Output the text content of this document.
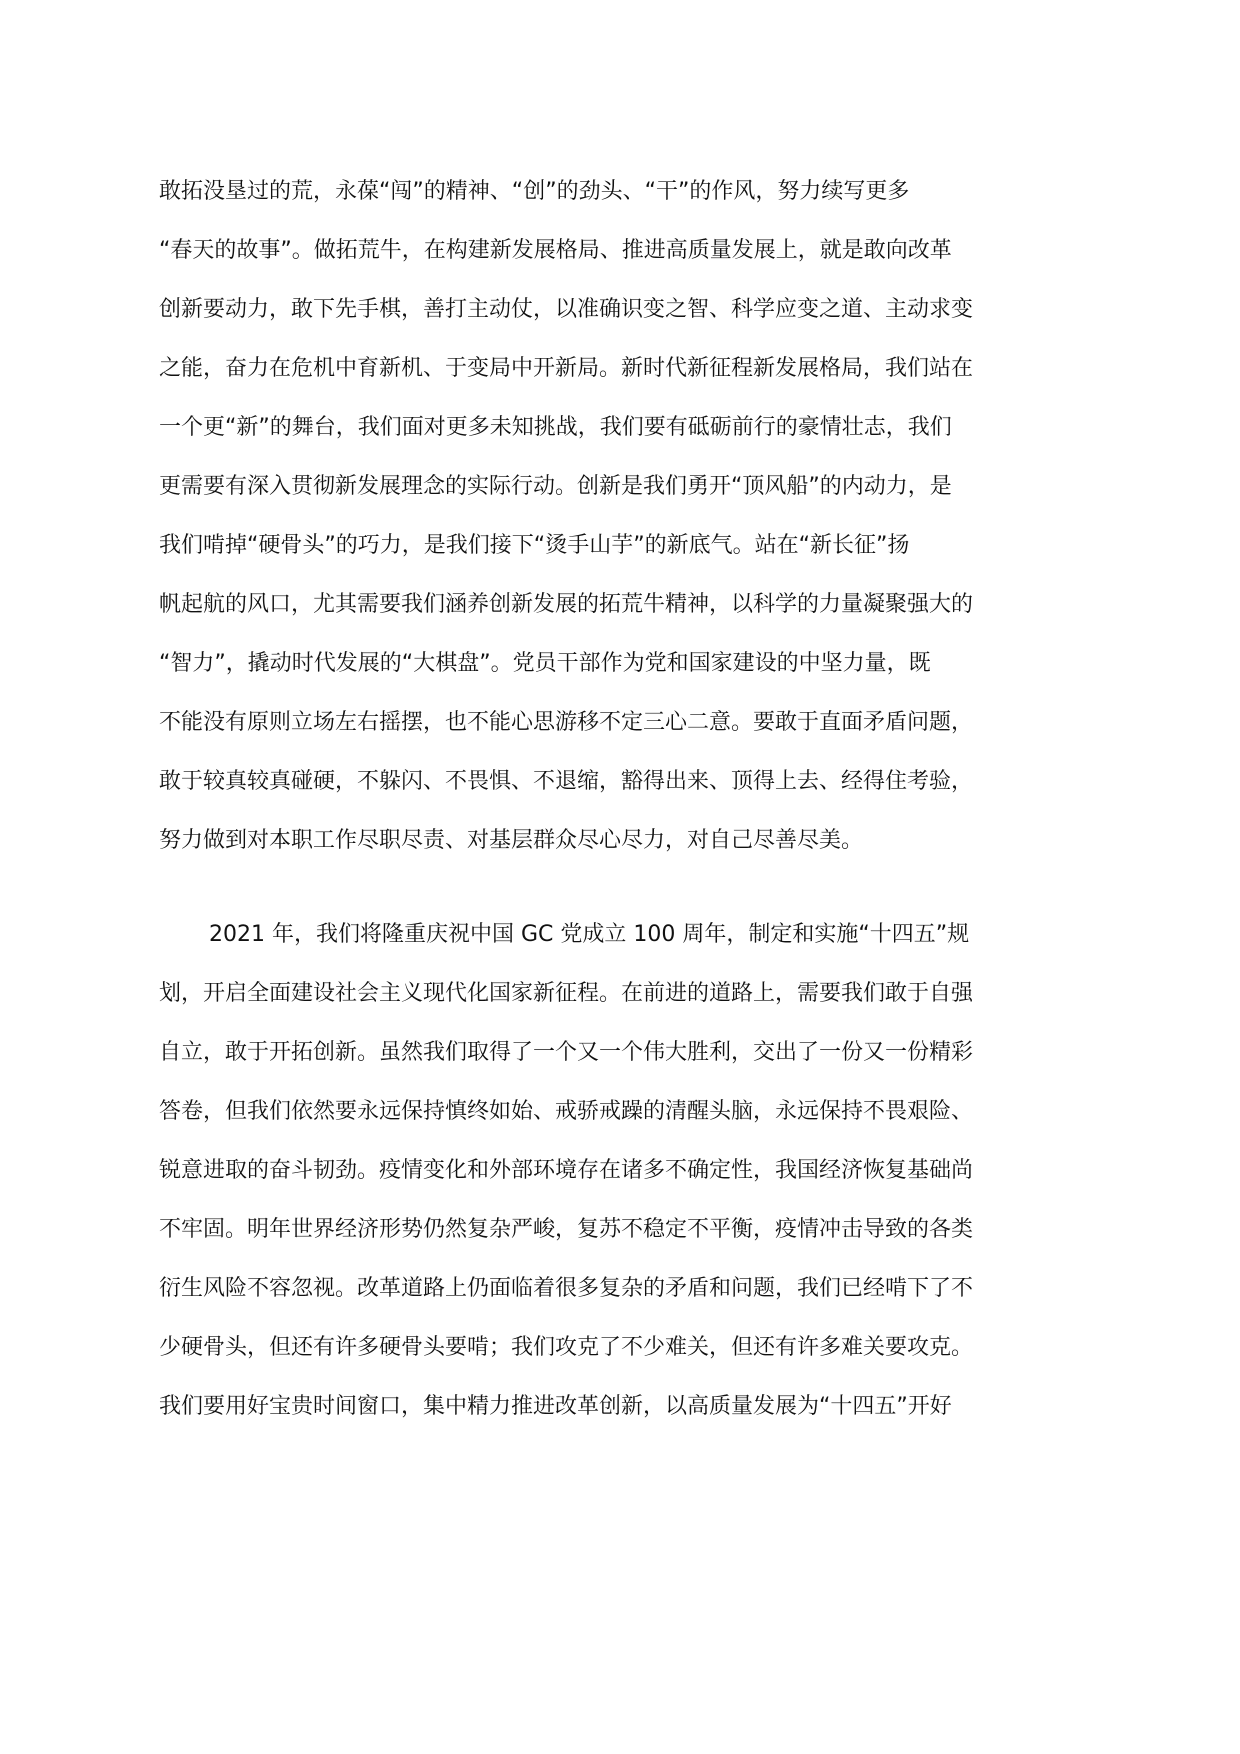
敢拓没垦过的荒，永葆“闯”的精神、“创”的劲头、“干”的作风，努力续写更多
“春天的故事”。做拓荒牛，在构建新发展格局、推进高质量发展上，就是敢向改革
创新要动力，敢下先手棋，善打主动仗，以准确识变之智、科学应变之道、主动求变
之能，奋力在危机中育新机、于变局中开新局。新时代新征程新发展格局，我们站在
一个更“新”的舞台，我们面对更多未知挑战，我们要有砥砺前行的豪情壮志，我们
更需要有深入贯彻新发展理念的实际行动。创新是我们勇开“顶风船”的内动力，是
我们啃掉“硬骨头”的巧力，是我们接下“烫手山芋”的新底气。站在“新长征”扬
帆起航的风口，尤其需要我们涵养创新发展的拓荒牛精神，以科学的力量凝聚强大的
“智力”，撬动时代发展的“大棋盘”。党员干部作为党和国家建设的中坚力量，既
不能没有原则立场左右摇摆，也不能心思游移不定三心二意。要敢于直面矛盾问题，
敢于较真较真碰硬，不躲闪、不畏惧、不退缩，豁得出来、顶得上去、经得住考验，
努力做到对本职工作尽职尽责、对基层群众尽心尽力，对自己尽善尽美。
2021 年，我们将隆重庆祝中国 GC 党成立 100 周年，制定和实施“十四五”规
划，开启全面建设社会主义现代化国家新征程。在前进的道路上，需要我们敢于自强
自立，敢于开拓创新。虽然我们取得了一个又一个伟大胜利，交出了一份又一份精彩
答卷，但我们依然要永远保持慎终如始、戒骄戒躁的清醒头脑，永远保持不畏艰险、
锐意进取的奋斗韧劲。疫情变化和外部环境存在诸多不确定性，我国经济恢复基础尚
不牢固。明年世界经济形势仍然复杂严峻，复苏不稳定不平衡，疫情冲击导致的各类
衍生风险不容忽视。改革道路上仍面临着很多复杂的矛盾和问题，我们已经啃下了不
少硬骨头，但还有许多硬骨头要啃；我们攻克了不少难关，但还有许多难关要攻克。
我们要用好宝贵时间窗口，集中精力推进改革创新，以高质量发展为“十四五”开好
